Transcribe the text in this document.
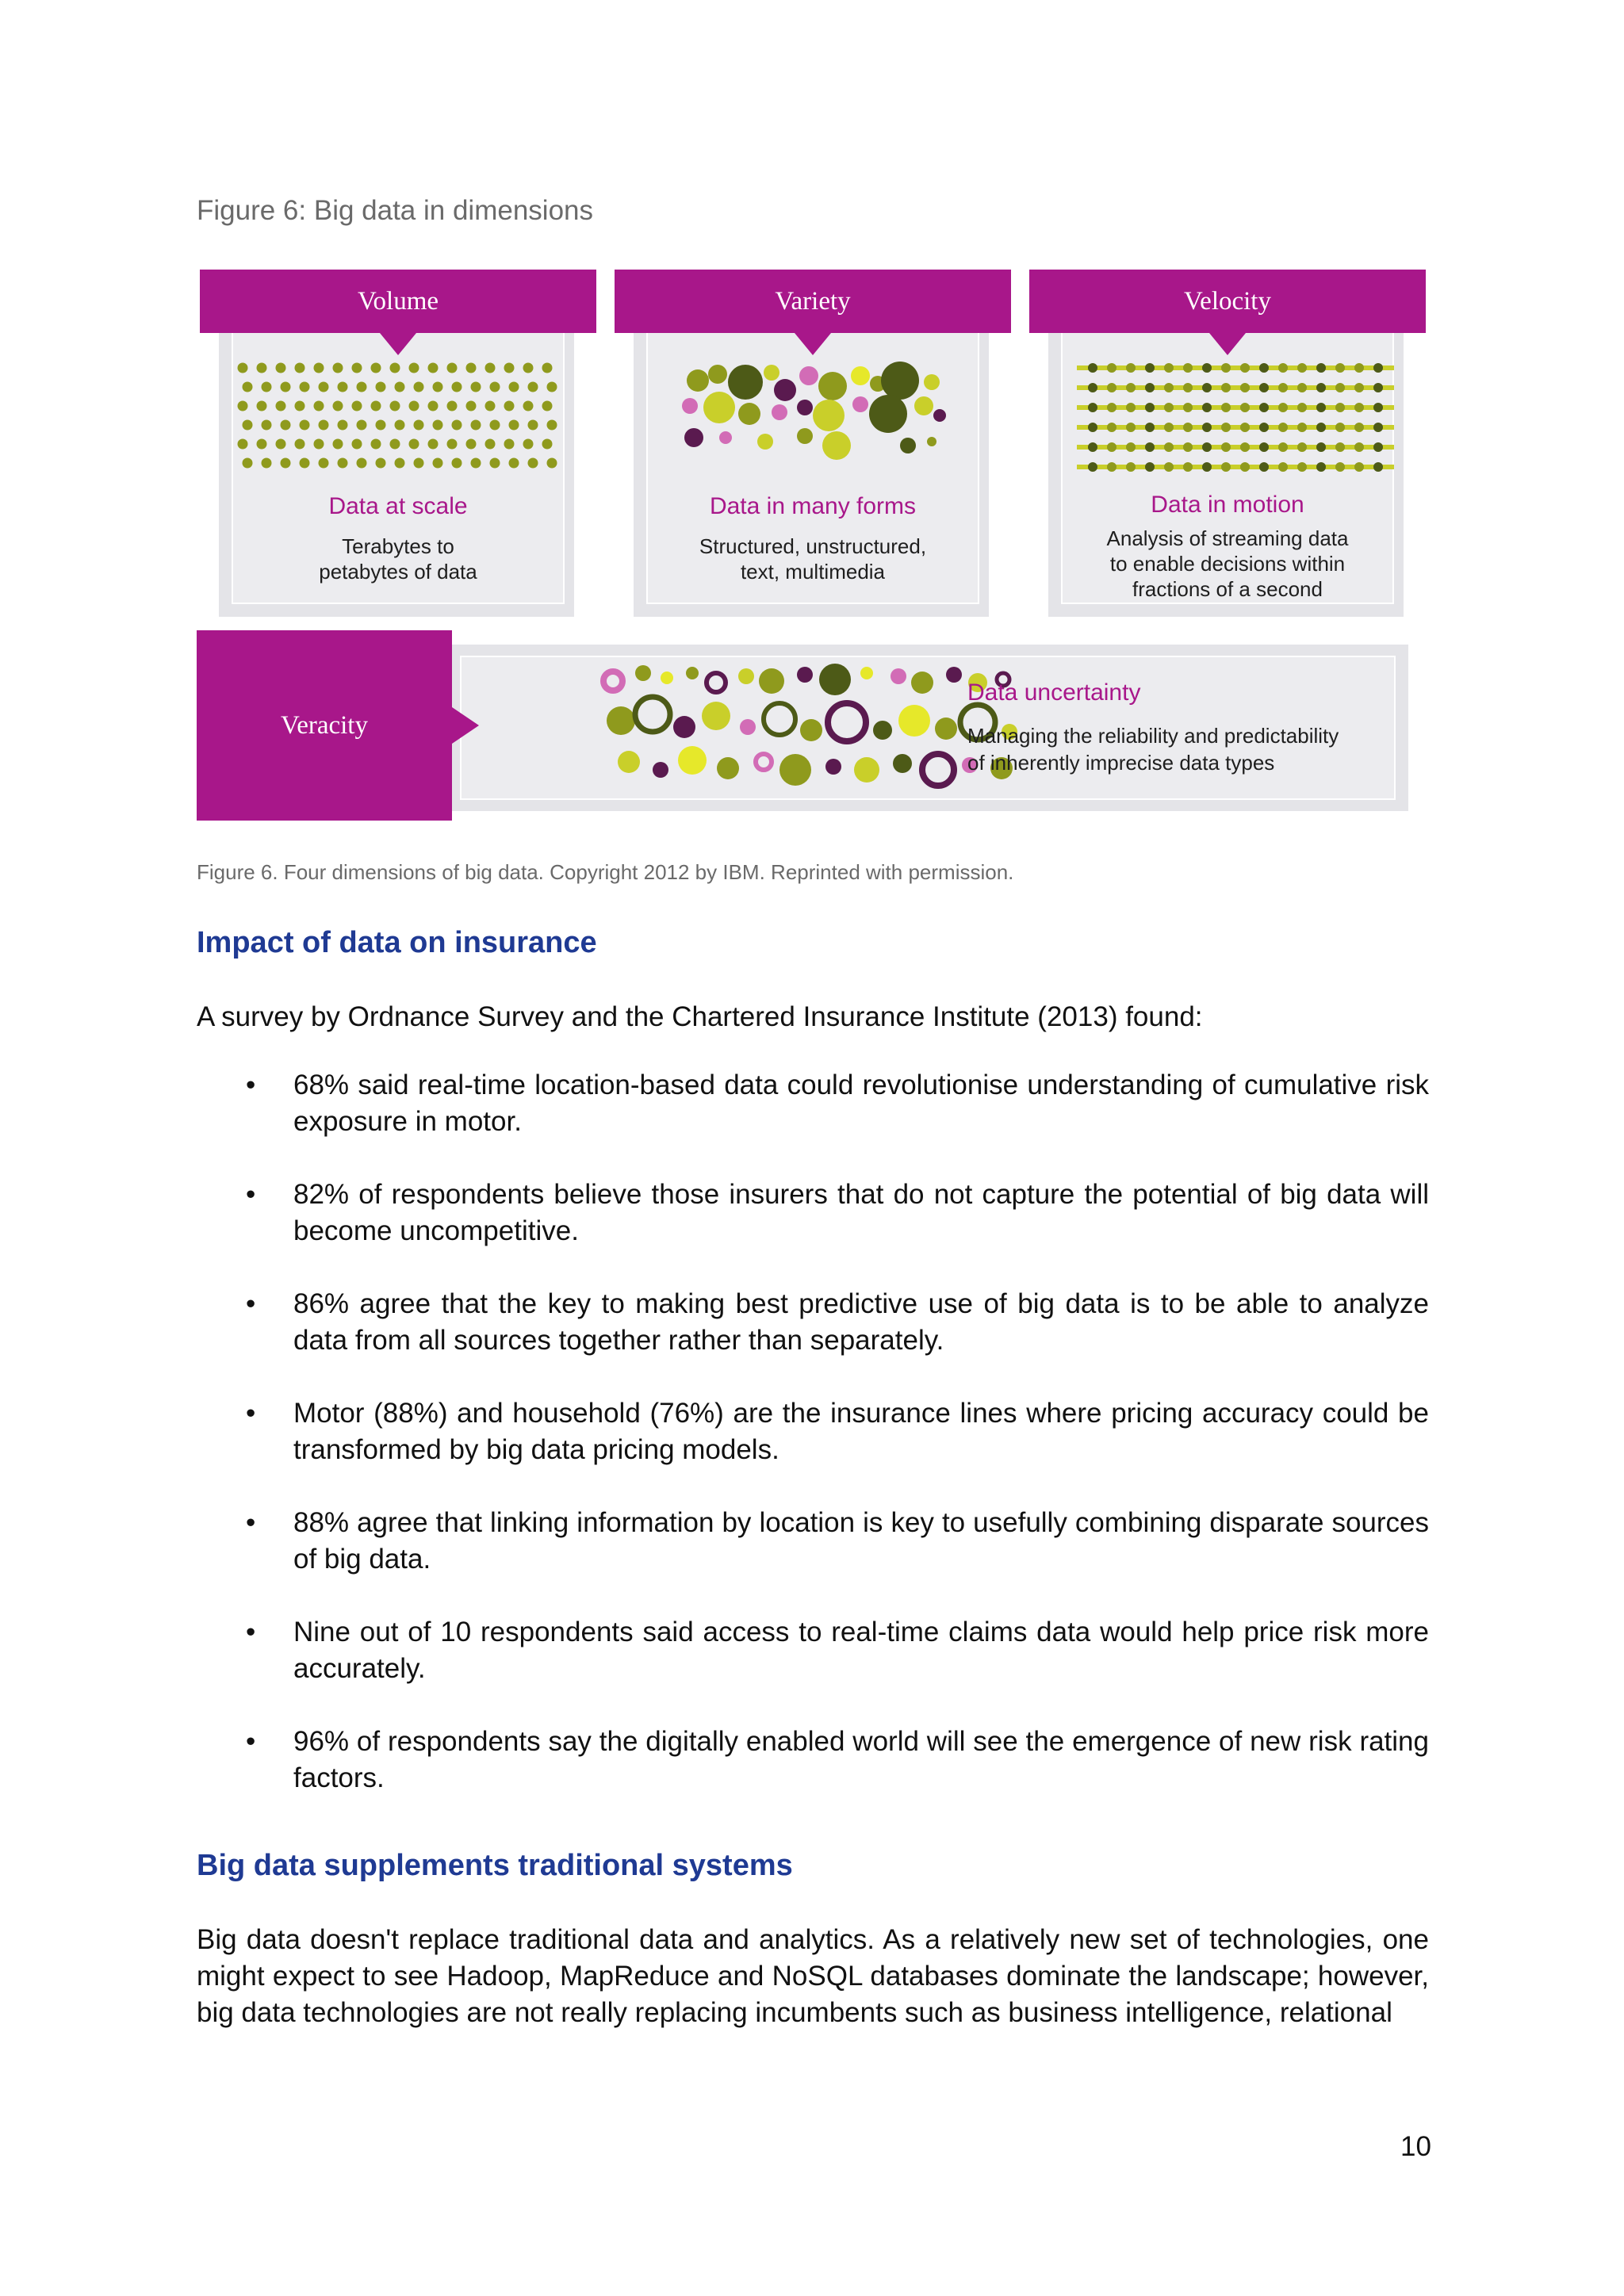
Figure 6: Big data in dimensions
Volume
Data at scale
Terabytes to
petabytes of data
Variety
Data in many forms
Structured, unstructured,
text, multimedia
Velocity
Data in motion
Analysis of streaming data
to enable decisions within
fractions of a second
Veracity
Data uncertainty
Managing the reliability and predictability
of inherently imprecise data types
Figure 6. Four dimensions of big data. Copyright 2012 by IBM. Reprinted with permission.
Impact of data on insurance

A survey by Ordnance Survey and the Chartered Insurance Institute (2013) found:

• 68% said real-time location-based data could revolutionise understanding of cumulative risk exposure in motor.
• 82% of respondents believe those insurers that do not capture the potential of big data will become uncompetitive.
• 86% agree that the key to making best predictive use of big data is to be able to analyze data from all sources together rather than separately.
• Motor (88%) and household (76%) are the insurance lines where pricing accuracy could be transformed by big data pricing models.
• 88% agree that linking information by location is key to usefully combining disparate sources of big data.
• Nine out of 10 respondents said access to real-time claims data would help price risk more accurately.
• 96% of respondents say the digitally enabled world will see the emergence of new risk rating factors.
Big data supplements traditional systems

Big data doesn't replace traditional data and analytics. As a relatively new set of technologies, one might expect to see Hadoop, MapReduce and NoSQL databases dominate the landscape; however, big data technologies are not really replacing incumbents such as business intelligence, relational

10
